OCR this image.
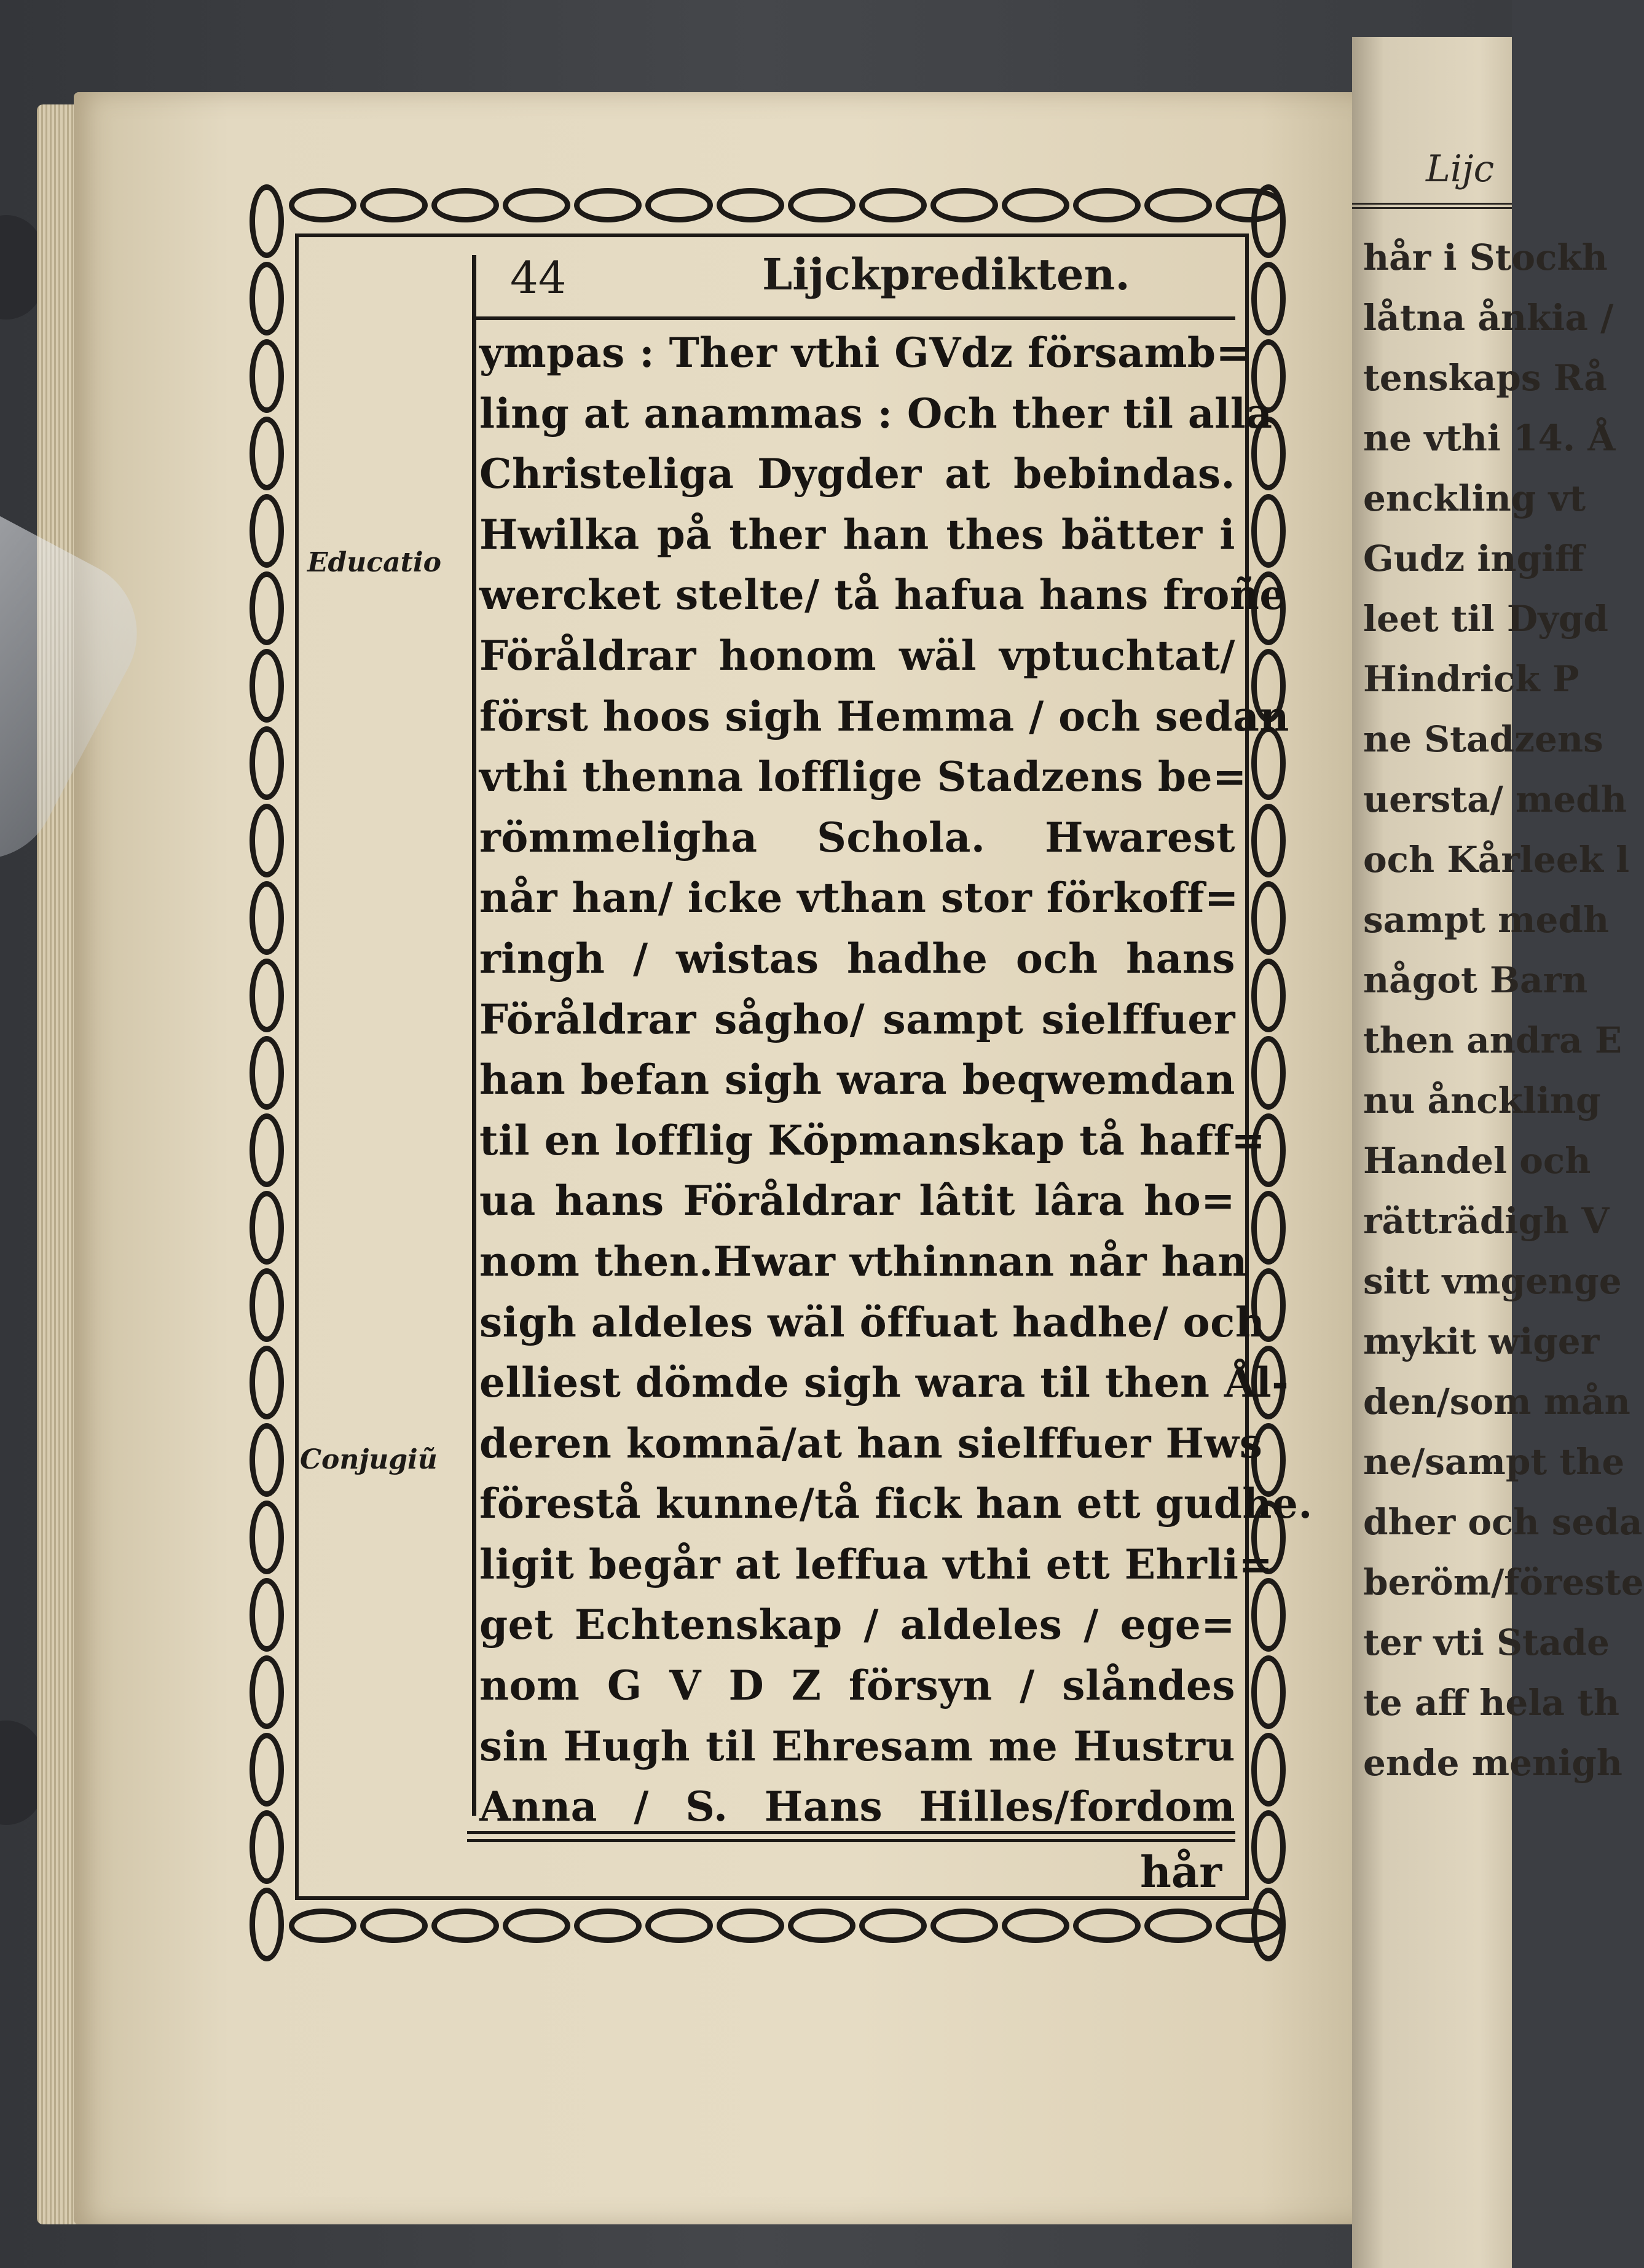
Lijc
hår i Stockh
låtna ånkia /
tenskaps Rå
ne vthi 14. Å
enckling vt
Gudz ingiff
leet til Dygd
Hindrick P
ne Stadzens
uersta/ medh
och Kårleek l
sampt medh
något Barn
then andra E
nu ånckling
Handel och
rätträdigh V
sitt vmgenge
mykit wiger
den/som mån
ne/sampt the
dher och seda
beröm/föreste
ter vti Stade
te aff hela th
ende menigh
44	Lijckpredikten.
Educatio
Conjugiũ
ympas : Ther vthi GVdz församb=
ling at anammas : Och ther til alla
Christeliga Dygder at bebindas.
Hwilka på ther han thes bätter i
wercket stelte/ tå hafua hans froñe
Föråldrar honom wäl vptuchtat/
först hoos sigh Hemma / och sedan
vthi thenna lofflige Stadzens be=
römmeligha Schola. Hwarest
når han/ icke vthan stor förkoff=
ringh / wistas hadhe och hans
Föråldrar sågho/ sampt sielffuer
han befan sigh wara beqwemdan
til en lofflig Köpmanskap tå haff=
ua hans Föråldrar lâtit lâra ho=
nom then.Hwar vthinnan når han
sigh aldeles wäl öffuat hadhe/ och
elliest dömde sigh wara til then Ål-
deren komnā/at han sielffuer Hws
förestå kunne/tå fick han ett gudhe.
ligit begår at leffua vthi ett Ehrli=
get Echtenskap / aldeles / ege=
nom G V D Z försyn / slåndes
sin Hugh til Ehresam me Hustru
Anna / S. Hans Hilles/fordom
hår
